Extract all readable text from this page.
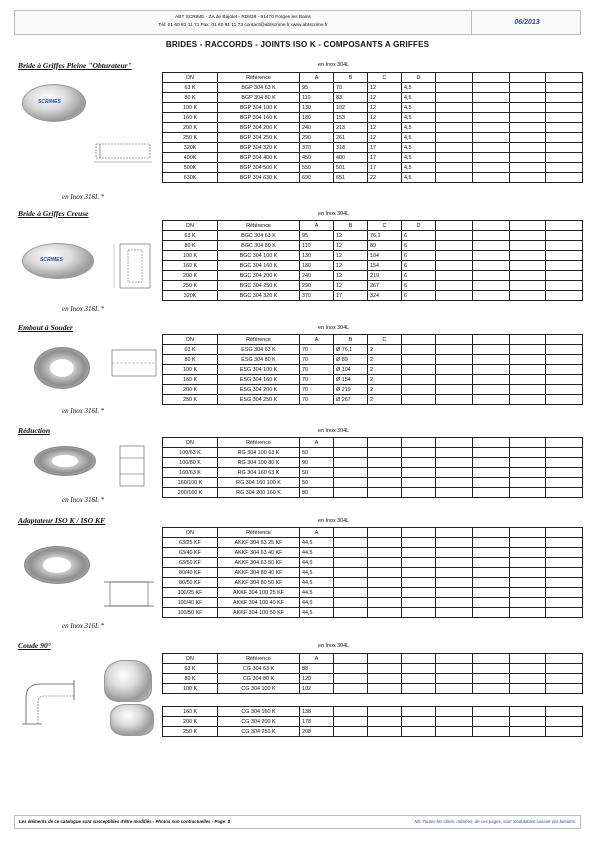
ABT SCRIME - ZA de Bajolet - RD838 - 91470 Forges les Bains
Tél: 01 60 81 11 71 Fax: 01 60 81 11 73 contact@abtscrime.fr www.abtscrime.fr	06/2013
BRIDES - RACCORDS - JOINTS ISO K - COMPOSANTS A GRIFFES
Bride à Griffes Pleine "Obturateur"	en Inox 304L
DN	Référence	A	B	C	D				
63 K	BGP 304 63 K	95	70	12	4,5				
80 K	BGP 304 80 K	110	83	12	4,5				
100 K	BGP 304 100 K	130	102	12	4,5				
160 K	BGP 304 160 K	180	153	12	4,5				
200 K	BGP 304 200 K	240	213	12	4,5				
250 K	BGP 304 250 K	290	261	12	4,5				
320K	BGP 304 320 K	370	318	17	4,5				
400K	BGP 304 400 K	450	400	17	4,5				
500K	BGP 304 500 K	550	501	17	4,5				
630K	BGP 304 630 K	690	651	22	4,5				
SCRIMES
en Inox 316L *
Bride à Griffes Creuse	en Inox 304L
DN	Référence	A	B	C	D				
63 K	BGC 304 63 K	95	12	76,1	6				
80 K	BGC 304 80 K	110	12	89	6				
100 K	BGC 304 100 K	130	12	104	6				
160 K	BGC 304 160 K	180	12	154	6				
200 K	BGC 304 200 K	240	12	219	6				
250 K	BGC 304 250 K	290	12	267	6				
320K	BGC 304 320 K	370	17	324	6				
SCRIMES
en Inox 316L *
Embout à Souder	en Inox 304L
DN	Référence	A	B	C					
63 K	ESG 304 63 K	70	Ø 76,1	2					
80 K	ESG 304 80 K	70	Ø 89	2					
100 K	ESG 304 100 K	70	Ø 104	2					
160 K	ESG 304 160 K	70	Ø 154	2					
200 K	ESG 304 200 K	70	Ø 219	2					
250 K	ESG 304 250 K	70	Ø 267	2					
en Inox 316L *
Réduction	en Inox 304L
DN	Référence	A							
100/63 K	RG 304 100 63 K	50							
100/80 K	RG 304 100 80 K	90							
160/63 K	RG 304 160 63 K	50							
160/100 K	RG 304 160 100 K	50							
200/160 K	RG 304 200 160 K	80							
en Inox 316L *
Adaptateur ISO K / ISO KF	en Inox 304L
DN	Référence	A							
63/25 KF	AKKF 304 63 25 KF	44,5							
63/40 KF	AKKF 304 63 40 KF	44,5							
63/50 KF	AKKF 304 63 50 KF	44,5							
80/40 KF	AKKF 304 80 40 KF	44,5							
80/50 KF	AKKF 304 80 50 KF	44,5							
100/25 KF	AKKF 304 100 25 KF	44,5							
100/40 KF	AKKF 304 100 40 KF	44,5							
100/50 KF	AKKF 304 100 50 KF	44,5							
en Inox 316L *
Coude 90°	en Inox 304L
DN	Référence	A							
63 K	CG 304 63 K	88							
80 K	CG 304 80 K	120							
100 K	CG 304 100 K	102							
160 K	CG 304 160 K	138							
200 K	CG 304 200 K	178							
250 K	CG 304 250 K	208							
Les éléments de ce catalogue sont susceptibles d'être modifiés - Photos non contractuelles - Page: 8	Nb: Toutes les côtes, métrées, de ces pages, sont modulables suivant vos besoins.
